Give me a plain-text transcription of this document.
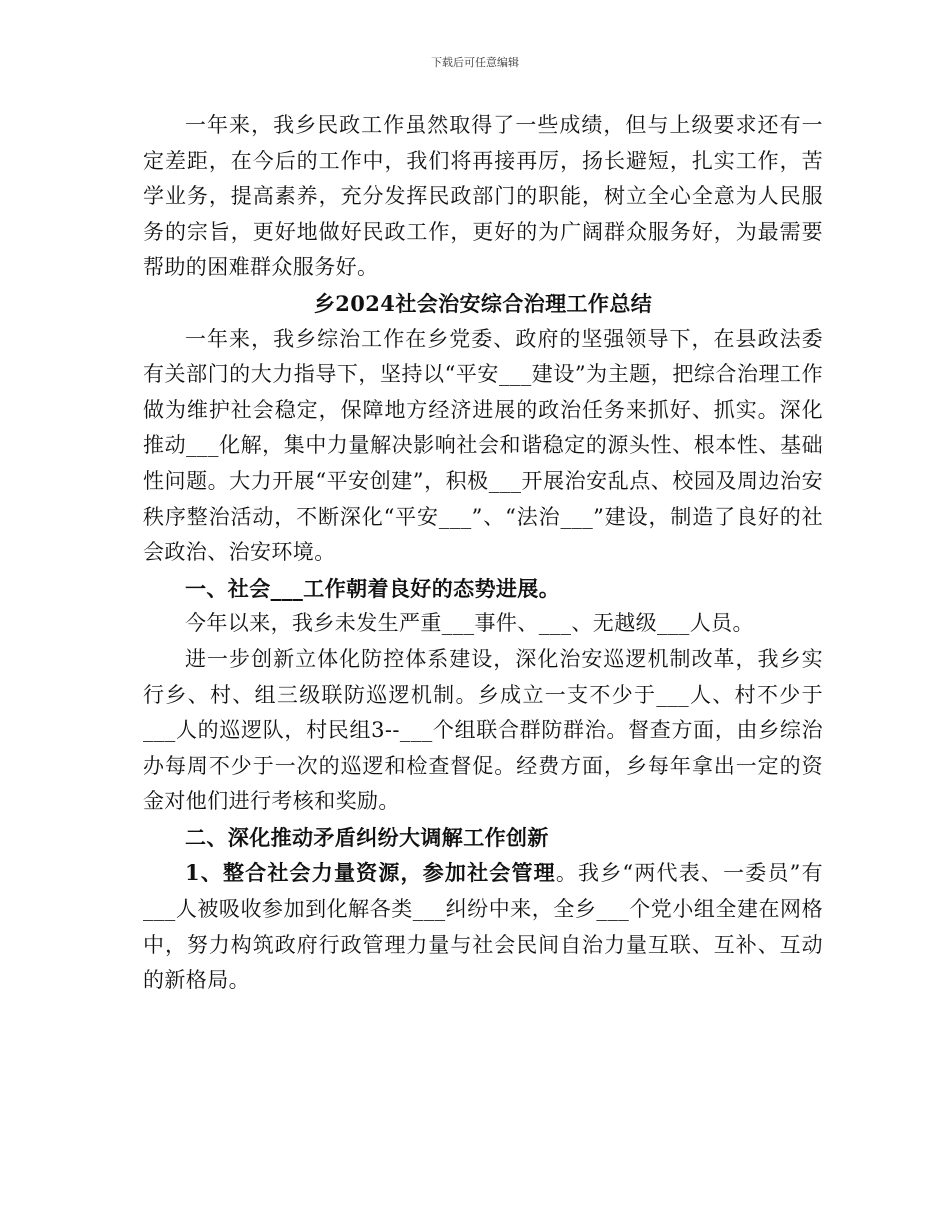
下载后可任意编辑

一年来，我乡民政工作虽然取得了一些成绩，但与上级要求还有一定差距，在今后的工作中，我们将再接再厉，扬长避短，扎实工作，苦学业务，提高素养，充分发挥民政部门的职能，树立全心全意为人民服务的宗旨，更好地做好民政工作，更好的为广阔群众服务好，为最需要帮助的困难群众服务好。

乡2024社会治安综合治理工作总结

一年来，我乡综治工作在乡党委、政府的坚强领导下，在县政法委有关部门的大力指导下，坚持以“平安___建设”为主题，把综合治理工作做为维护社会稳定，保障地方经济进展的政治任务来抓好、抓实。深化推动___化解，集中力量解决影响社会和谐稳定的源头性、根本性、基础性问题。大力开展“平安创建”，积极___开展治安乱点、校园及周边治安秩序整治活动，不断深化“平安___”、“法治___”建设，制造了良好的社会政治、治安环境。

一、社会___工作朝着良好的态势进展。

今年以来，我乡未发生严重___事件、___、无越级___人员。

进一步创新立体化防控体系建设，深化治安巡逻机制改革，我乡实行乡、村、组三级联防巡逻机制。乡成立一支不少于___人、村不少于___人的巡逻队，村民组3--___个组联合群防群治。督查方面，由乡综治办每周不少于一次的巡逻和检查督促。经费方面，乡每年拿出一定的资金对他们进行考核和奖励。

二、深化推动矛盾纠纷大调解工作创新

1、整合社会力量资源，参加社会管理。我乡“两代表、一委员”有___人被吸收参加到化解各类___纠纷中来，全乡___个党小组全建在网格中，努力构筑政府行政管理力量与社会民间自治力量互联、互补、互动的新格局。
